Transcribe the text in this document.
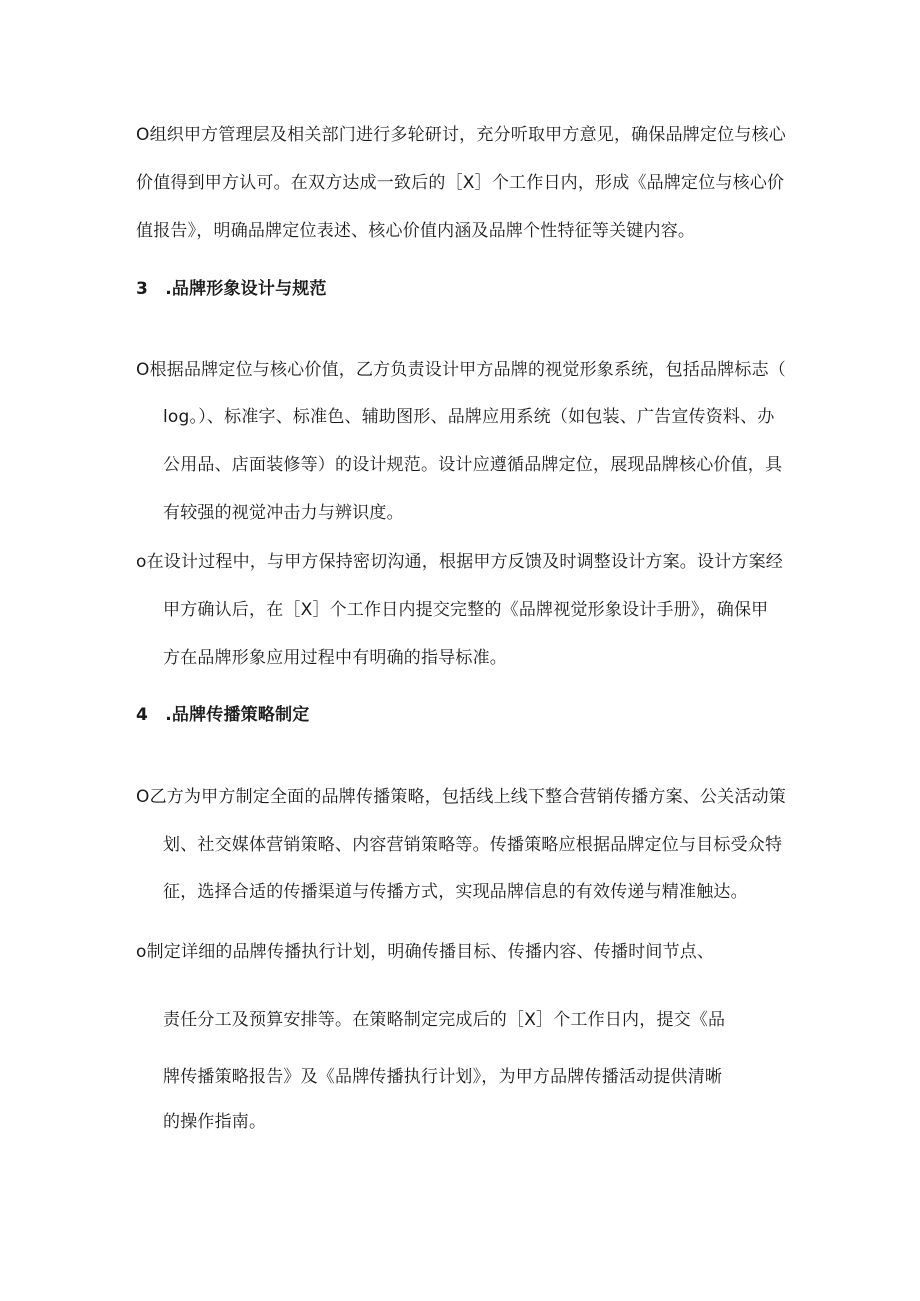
O组织甲方管理层及相关部门进行多轮研讨，充分听取甲方意见，确保品牌定位与核心
价值得到甲方认可。在双方达成一致后的［X］个工作日内，形成《品牌定位与核心价
值报告》，明确品牌定位表述、核心价值内涵及品牌个性特征等关键内容。
3　.品牌形象设计与规范
O根据品牌定位与核心价值，乙方负责设计甲方品牌的视觉形象系统，包括品牌标志（
log。）、标准字、标准色、辅助图形、品牌应用系统（如包装、广告宣传资料、办
公用品、店面装修等）的设计规范。设计应遵循品牌定位，展现品牌核心价值，具
有较强的视觉冲击力与辨识度。
o在设计过程中，与甲方保持密切沟通，根据甲方反馈及时调整设计方案。设计方案经
甲方确认后，在［X］个工作日内提交完整的《品牌视觉形象设计手册》，确保甲
方在品牌形象应用过程中有明确的指导标准。
4　.品牌传播策略制定
O乙方为甲方制定全面的品牌传播策略，包括线上线下整合营销传播方案、公关活动策
划、社交媒体营销策略、内容营销策略等。传播策略应根据品牌定位与目标受众特
征，选择合适的传播渠道与传播方式，实现品牌信息的有效传递与精准触达。
o制定详细的品牌传播执行计划，明确传播目标、传播内容、传播时间节点、
责任分工及预算安排等。在策略制定完成后的［X］个工作日内，提交《品
牌传播策略报告》及《品牌传播执行计划》，为甲方品牌传播活动提供清晰
的操作指南。
